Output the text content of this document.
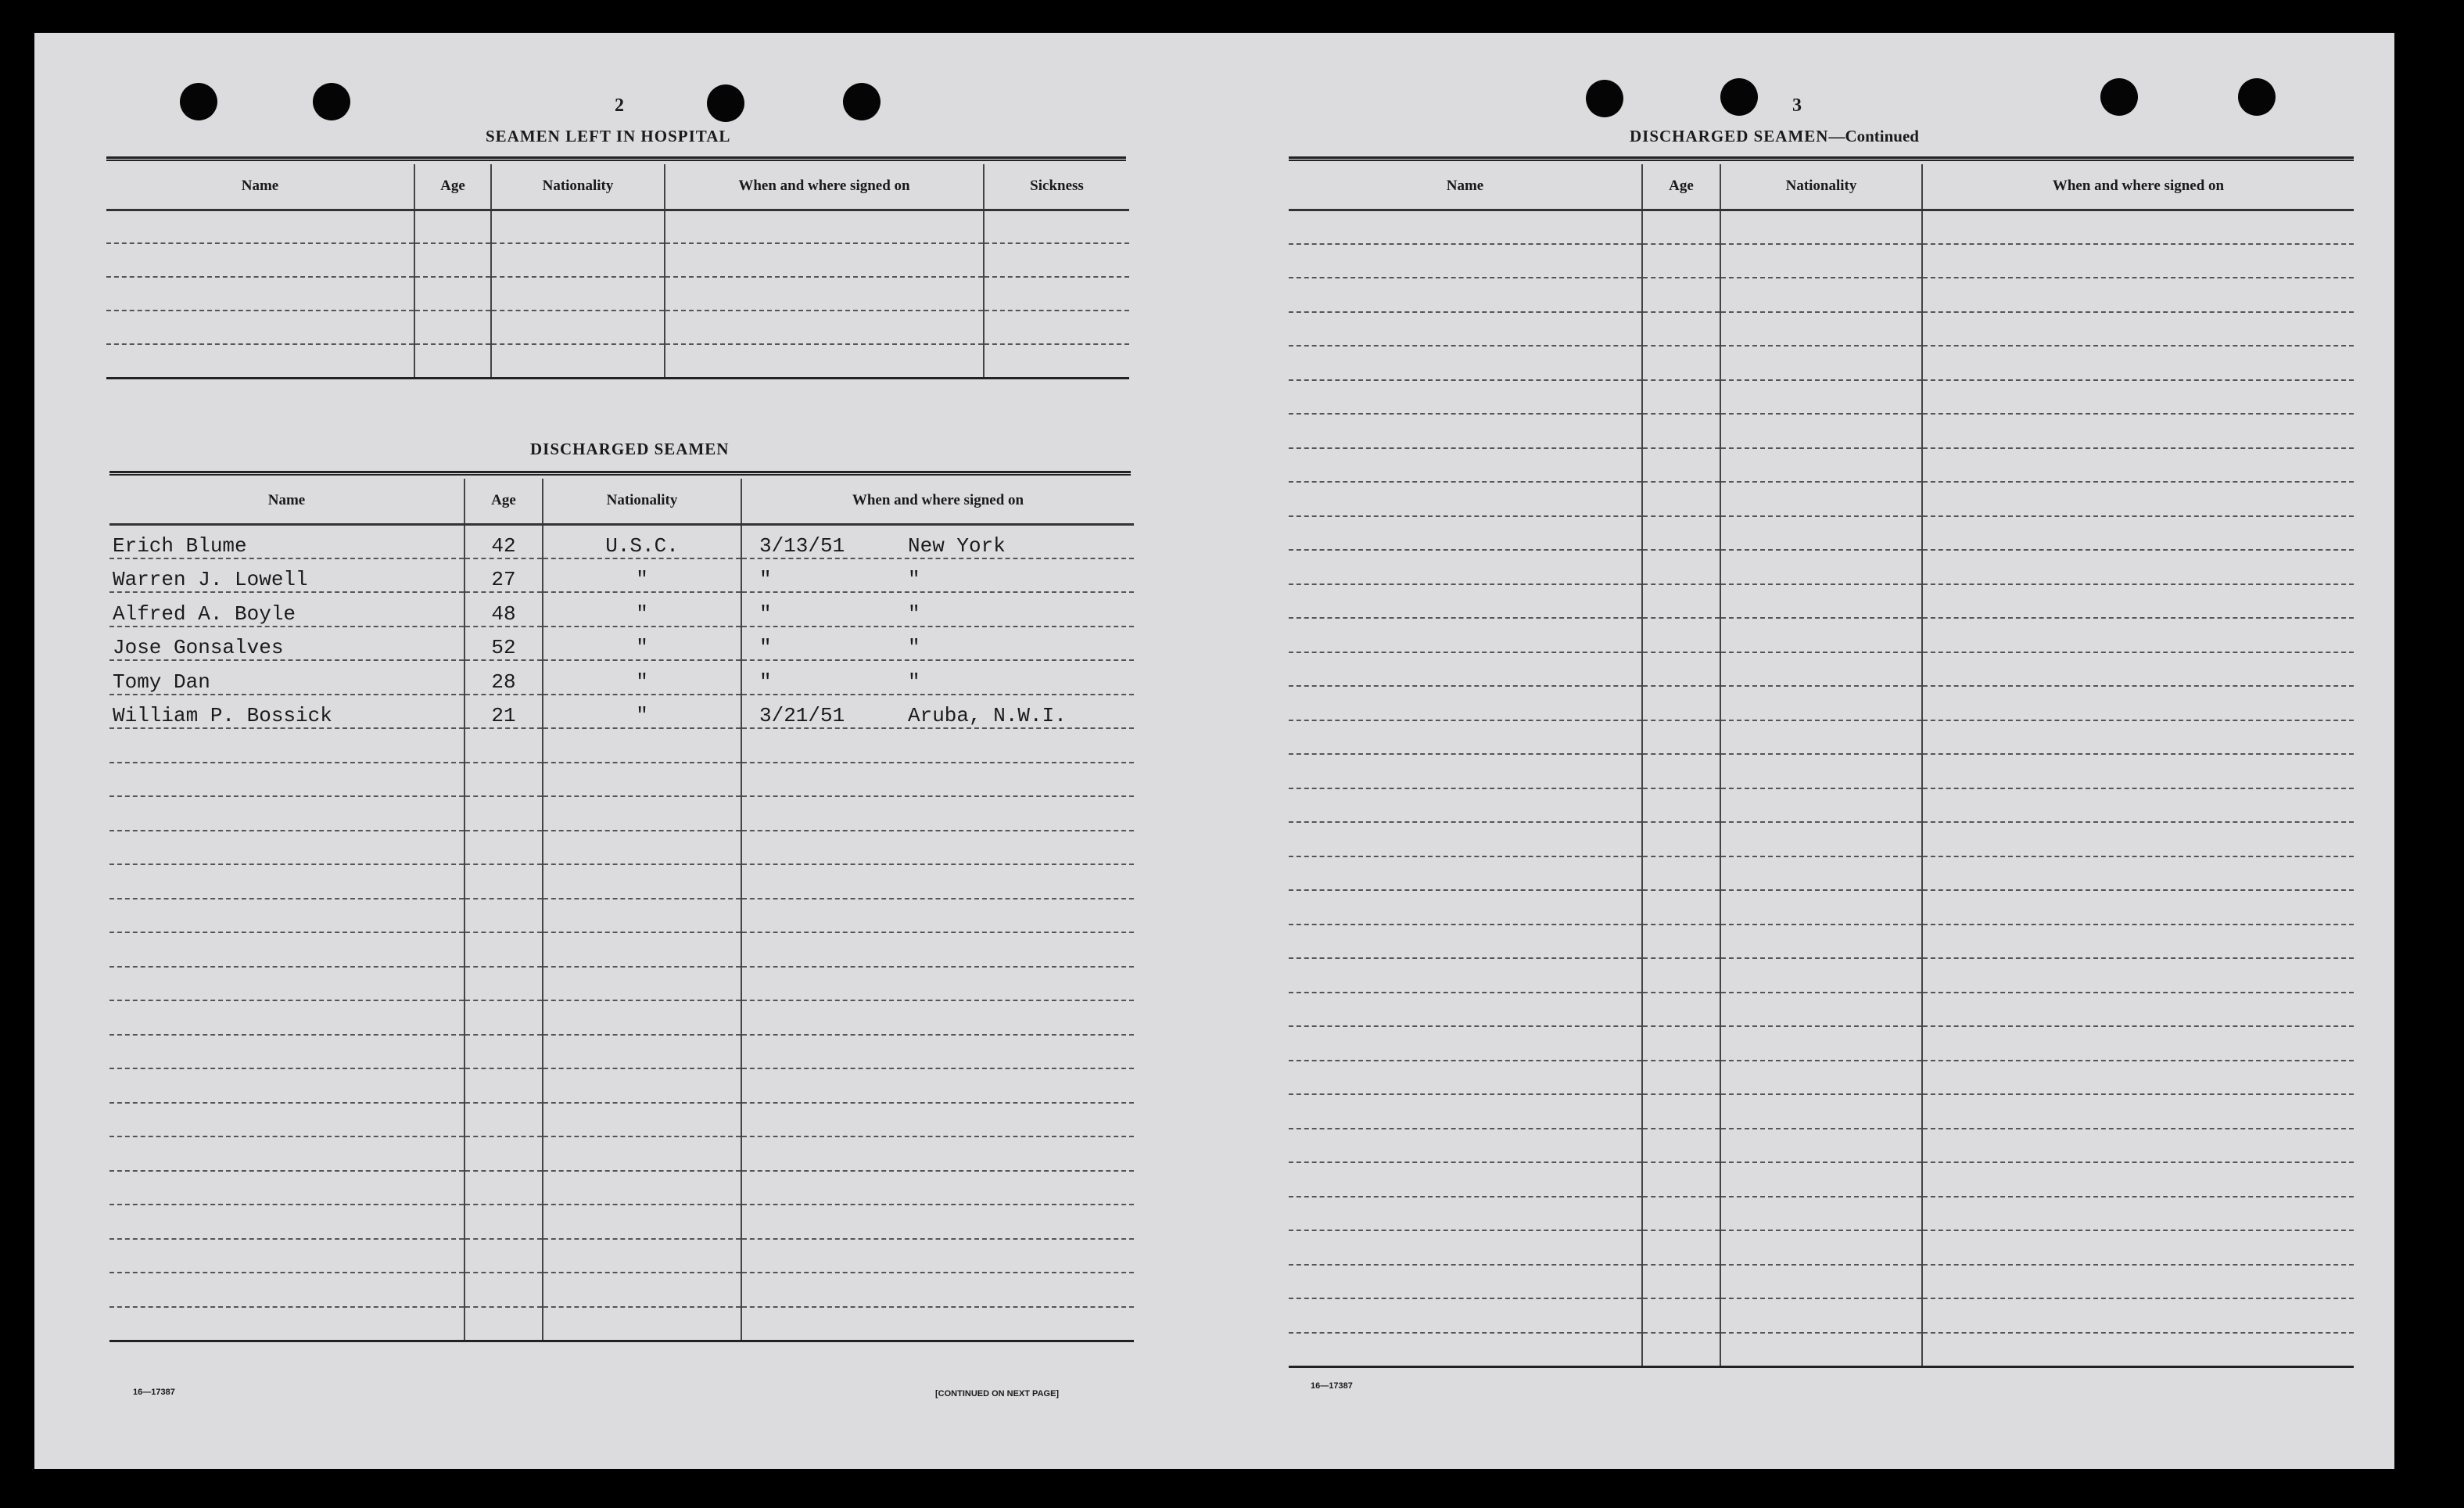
2
SEAMEN LEFT IN HOSPITAL
Name	Age	Nationality	When and where signed on	Sickness

DISCHARGED SEAMEN
Name	Age	Nationality	When and where signed on
Erich Blume	42	U.S.C.	3/13/51 New York
Warren J. Lowell	27	"	" "
Alfred A. Boyle	48	"	" "
Jose Gonsalves	52	"	" "
Tomy Dan	28	"	" "
William P. Bossick	21	"	3/21/51 Aruba, N.W.I.

16—17387	[CONTINUED ON NEXT PAGE]
3
DISCHARGED SEAMEN—Continued
Name	Age	Nationality	When and where signed on

16—17387
